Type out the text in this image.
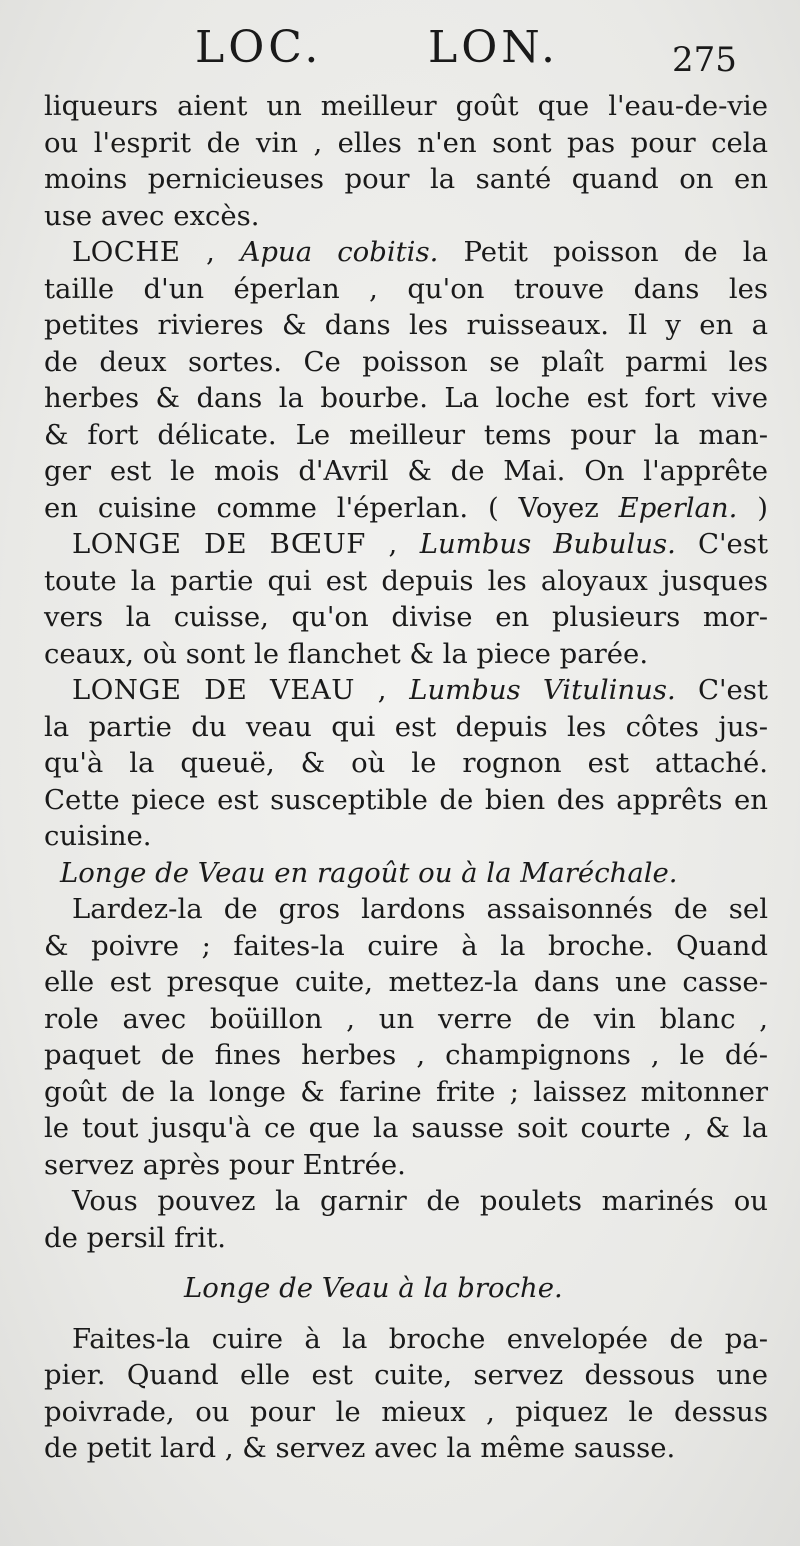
LOC. LON.	275
liqueurs aient un meilleur goût que l'eau-de-vie
ou l'esprit de vin , elles n'en sont pas pour cela
moins pernicieuses pour la santé quand on en
use avec excès.
LOCHE , Apua cobitis. Petit poisson de la
taille d'un éperlan , qu'on trouve dans les
petites rivieres & dans les ruisseaux. Il y en a
de deux sortes. Ce poisson se plaît parmi les
herbes & dans la bourbe. La loche est fort vive
& fort délicate. Le meilleur tems pour la man-
ger est le mois d'Avril & de Mai. On l'apprête
en cuisine comme l'éperlan. ( Voyez Eperlan. )
LONGE DE BŒUF , Lumbus Bubulus. C'est
toute la partie qui est depuis les aloyaux jusques
vers la cuisse, qu'on divise en plusieurs mor-
ceaux, où sont le flanchet & la piece parée.
LONGE DE VEAU , Lumbus Vitulinus. C'est
la partie du veau qui est depuis les côtes jus-
qu'à la queuë, & où le rognon est attaché.
Cette piece est susceptible de bien des apprêts en
cuisine.
Longe de Veau en ragoût ou à la Maréchale.
Lardez-la de gros lardons assaisonnés de sel
& poivre ; faites-la cuire à la broche. Quand
elle est presque cuite, mettez-la dans une casse-
role avec boüillon , un verre de vin blanc ,
paquet de fines herbes , champignons , le dé-
goût de la longe & farine frite ; laissez mitonner
le tout jusqu'à ce que la sausse soit courte , & la
servez après pour Entrée.
Vous pouvez la garnir de poulets marinés ou
de persil frit.
Longe de Veau à la broche.
Faites-la cuire à la broche envelopée de pa-
pier. Quand elle est cuite, servez dessous une
poivrade, ou pour le mieux , piquez le dessus
de petit lard , & servez avec la même sausse.
